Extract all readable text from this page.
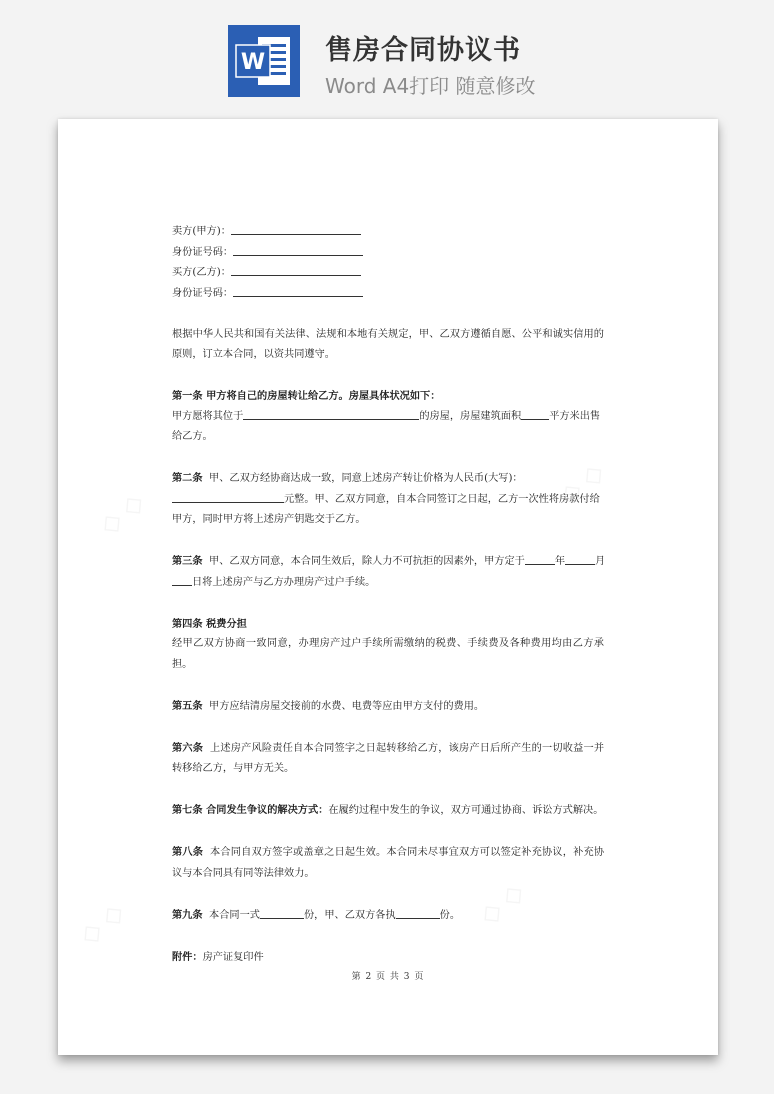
W 售房合同协议书
Word A4打印 随意修改
◇ ◇
◇ ◇
◇ ◇	◇ ◇
卖方(甲方)：
身份证号码：
买方(乙方)：
身份证号码：

根据中华人民共和国有关法律、法规和本地有关规定，甲、乙双方遵循自愿、公平和诚实信用的原则，订立本合同，以资共同遵守。

第一条 甲方将自己的房屋转让给乙方。房屋具体状况如下：

甲方愿将其位于	的房屋，房屋建筑面积	平方米出售

给乙方。

第二条 甲、乙双方经协商达成一致，同意上述房产转让价格为人民币(大写)：
元整。甲、乙双方同意，自本合同签订之日起，乙方一次性将房款付给

甲方，同时甲方将上述房产钥匙交于乙方。

第三条 甲、乙双方同意，本合同生效后，除人力不可抗拒的因素外，甲方定于	年	月
日将上述房产与乙方办理房产过户手续。

第四条 税费分担

经甲乙双方协商一致同意，办理房产过户手续所需缴纳的税费、手续费及各种费用均由乙方承担。

第五条 甲方应结清房屋交接前的水费、电费等应由甲方支付的费用。

第六条 上述房产风险责任自本合同签字之日起转移给乙方，该房产日后所产生的一切收益一并转移给乙方，与甲方无关。

第七条 合同发生争议的解决方式：在履约过程中发生的争议，双方可通过协商、诉讼方式解决。

第八条 本合同自双方签字或盖章之日起生效。本合同未尽事宜双方可以签定补充协议，补充协议与本合同具有同等法律效力。

第九条 本合同一式	份，甲、乙双方各执	份。
附件：房产证复印件
第 2 页 共 3 页
